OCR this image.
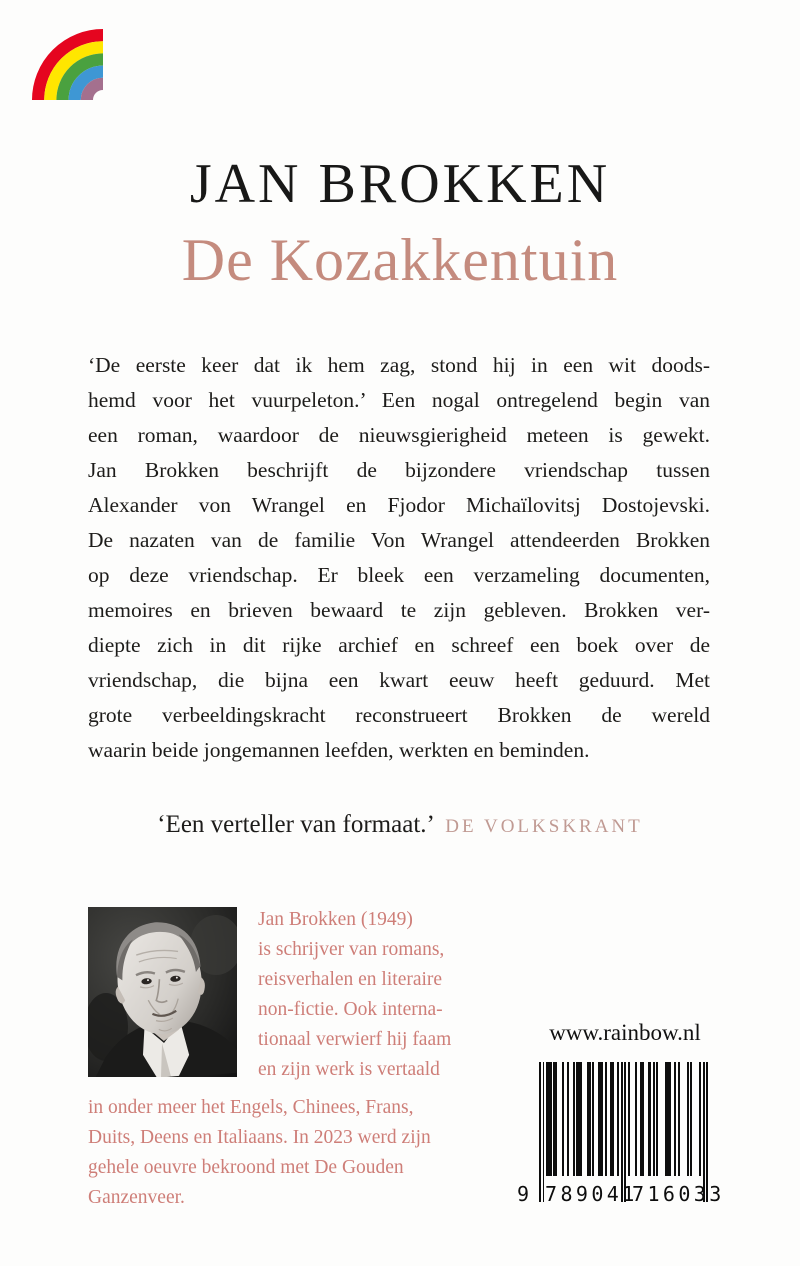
JAN BROKKEN
De Kozakkentuin
‘De eerste keer dat ik hem zag, stond hij in een wit doods-
hemd voor het vuurpeleton.’ Een nogal ontregelend begin van
een roman, waardoor de nieuwsgierigheid meteen is gewekt.
Jan Brokken beschrijft de bijzondere vriendschap tussen
Alexander von Wrangel en Fjodor Michaïlovitsj Dostojevski.
De nazaten van de familie Von Wrangel attendeerden Brokken
op deze vriendschap. Er bleek een verzameling documenten,
memoires en brieven bewaard te zijn gebleven. Brokken ver-
diepte zich in dit rijke archief en schreef een boek over de
vriendschap, die bijna een kwart eeuw heeft geduurd. Met
grote verbeeldingskracht reconstrueert Brokken de wereld
waarin beide jongemannen leefden, werkten en beminden.
‘Een verteller van formaat.’ DE VOLKSKRANT
Jan Brokken (1949)
is schrijver van romans,
reisverhalen en literaire
non-fictie. Ook interna-
tionaal verwierf hij faam
en zijn werk is vertaald
in onder meer het Engels, Chinees, Frans,
Duits, Deens en Italiaans. In 2023 werd zijn
gehele oeuvre bekroond met De Gouden
Ganzenveer.
www.rainbow.nl
9 789041
716033
